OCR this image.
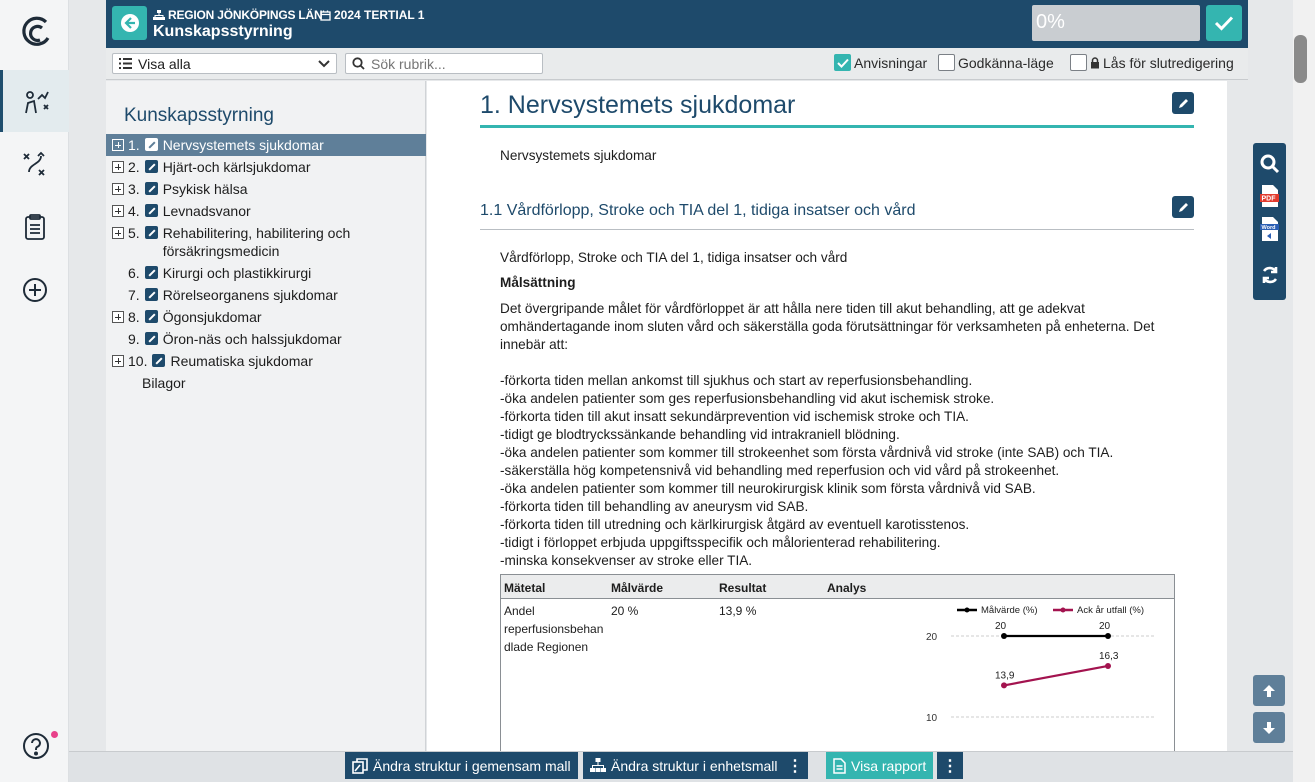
REGION JÖNKÖPINGS LÄN 2024 TERTIAL 1
Kunskapsstyrning	0%
Visa alla
Sök rubrik...	Anvisningar Godkänna-läge	Lås för slutredigering
Kunskapsstyrning
1. Nervsystemets sjukdomar
2. Hjärt-och kärlsjukdomar
3. Psykisk hälsa
4. Levnadsvanor
5. Rehabilitering, habilitering och försäkringsmedicin
6. Kirurgi och plastikkirurgi
7. Rörelseorganens sjukdomar
8. Ögonsjukdomar
9. Öron-näs och halssjukdomar
10. Reumatiska sjukdomar
Bilagor
1. Nervsystemets sjukdomar
Nervsystemets sjukdomar
1.1 Vårdförlopp, Stroke och TIA del 1, tidiga insatser och vård
Vårdförlopp, Stroke och TIA del 1, tidiga insatser och vård
Målsättning
Det övergripande målet för vårdförloppet är att hålla nere tiden till akut behandling, att ge adekvat
omhändertagande inom sluten vård och säkerställa goda förutsättningar för verksamheten på enheterna. Det
innebär att:
-förkorta tiden mellan ankomst till sjukhus och start av reperfusionsbehandling.
-öka andelen patienter som ges reperfusionsbehandling vid akut ischemisk stroke.
-förkorta tiden till akut insatt sekundärprevention vid ischemisk stroke och TIA.
-tidigt ge blodtryckssänkande behandling vid intrakraniell blödning.
-öka andelen patienter som kommer till strokeenhet som första vårdnivå vid stroke (inte SAB) och TIA.
-säkerställa hög kompetensnivå vid behandling med reperfusion och vid vård på strokeenhet.
-öka andelen patienter som kommer till neurokirurgisk klinik som första vårdnivå vid SAB.
-förkorta tiden till behandling av aneurysm vid SAB.
-förkorta tiden till utredning och kärlkirurgisk åtgärd av eventuell karotisstenos.
-tidigt i förloppet erbjuda uppgiftsspecifik och målorienterad rehabilitering.
-minska konsekvenser av stroke eller TIA.
Mätetal	Målvärde	Resultat	Analys
Andel
reperfusionsbehan
dlade Regionen
20 %	13,9 %
20
10
Målvärde (%)	Ack år utfall (%)
20	20
13,9
16,3
PDF
Word
Ändra struktur i gemensam mall	Ändra struktur i enhetsmall ⋮	Visa rapport ⋮
